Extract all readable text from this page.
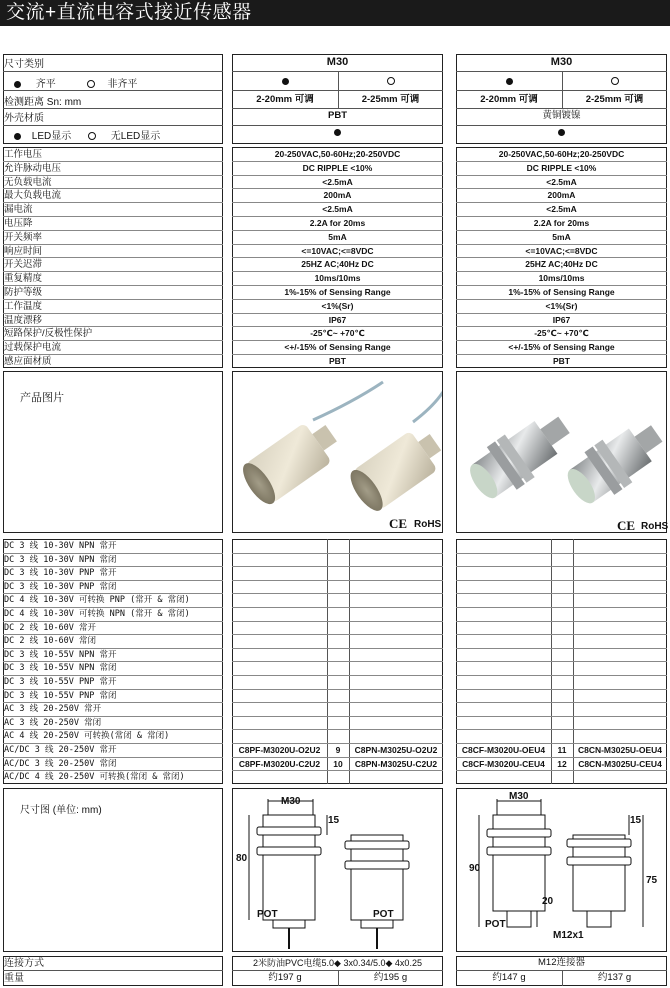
交流+直流电容式接近传感器
尺寸类别	M30	M30
齐平	非齐平
检测距离 Sn: mm	2-20mm 可调	2-25mm 可调	2-20mm 可调	2-25mm 可调
外壳材质	PBT	黄铜镀镍
LED显示	无LED显示
工作电压	20-250VAC,50-60Hz;20-250VDC	20-250VAC,50-60Hz;20-250VDC
允许脉动电压	DC RIPPLE <10%	DC RIPPLE <10%
无负载电流	<2.5mA	<2.5mA
最大负载电流	200mA	200mA
漏电流	<2.5mA	<2.5mA
电压降	2.2A for 20ms	2.2A for 20ms
开关频率	5mA	5mA
响应时间	<=10VAC;<=8VDC	<=10VAC;<=8VDC
开关迟滞	25HZ AC;40Hz DC	25HZ AC;40Hz DC
重复精度	10ms/10ms	10ms/10ms
防护等级	1%-15% of Sensing Range	1%-15% of Sensing Range
工作温度	<1%(Sr)	<1%(Sr)
温度漂移	IP67	IP67
短路保护/反极性保护	-25℃~ +70℃	-25℃~ +70℃
过载保护电流	<+/-15% of Sensing Range	<+/-15% of Sensing Range
感应面材质	PBT	PBT
产品图片
CE RoHS	CE RoHS
DC 3 线 10-30V NPN 常开
DC 3 线 10-30V NPN 常闭
DC 3 线 10-30V PNP 常开
DC 3 线 10-30V PNP 常闭
DC 4 线 10-30V 可转换 PNP (常开 & 常闭)
DC 4 线 10-30V 可转换 NPN (常开 & 常闭)
DC 2 线 10-60V 常开
DC 2 线 10-60V 常闭
DC 3 线 10-55V NPN 常开
DC 3 线 10-55V NPN 常闭
DC 3 线 10-55V PNP 常开
DC 3 线 10-55V PNP 常闭
AC 3 线 20-250V 常开
AC 3 线 20-250V 常闭
AC 4 线 20-250V 可转换(常闭 & 常闭)
AC/DC 3 线 20-250V 常开	C8PF-M3020U-O2U2	9	C8PN-M3025U-O2U2	C8CF-M3020U-OEU4	11	C8CN-M3025U-OEU4
AC/DC 3 线 20-250V 常闭	C8PF-M3020U-C2U2	10	C8PN-M3025U-C2U2	C8CF-M3020U-CEU4	12	C8CN-M3025U-CEU4
AC/DC 4 线 20-250V 可转换(常闭 & 常闭)
尺寸图 (单位: mm)
M30
15
80
POT	POT
M30
15
90
75
20
POT
M12x1
连接方式	2米防油PVC电缆5.0◆ 3x0.34/5.0◆ 4x0.25	M12连接器
重量	约197 g	约195 g	约147 g	约137 g
